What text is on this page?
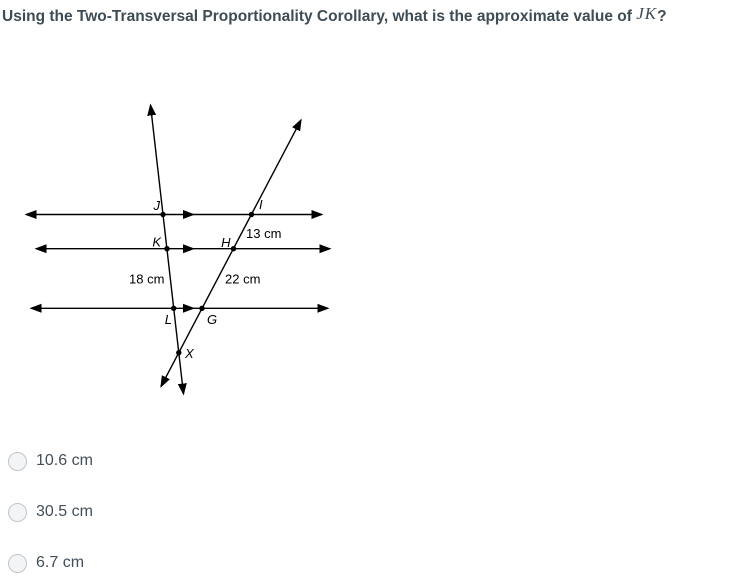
Using the Two-Transversal Proportionality Corollary, what is the approximate value of JK?
J	I
K	H
L	G
X
13 cm
18 cm	22 cm
10.6 cm
30.5 cm
6.7 cm
